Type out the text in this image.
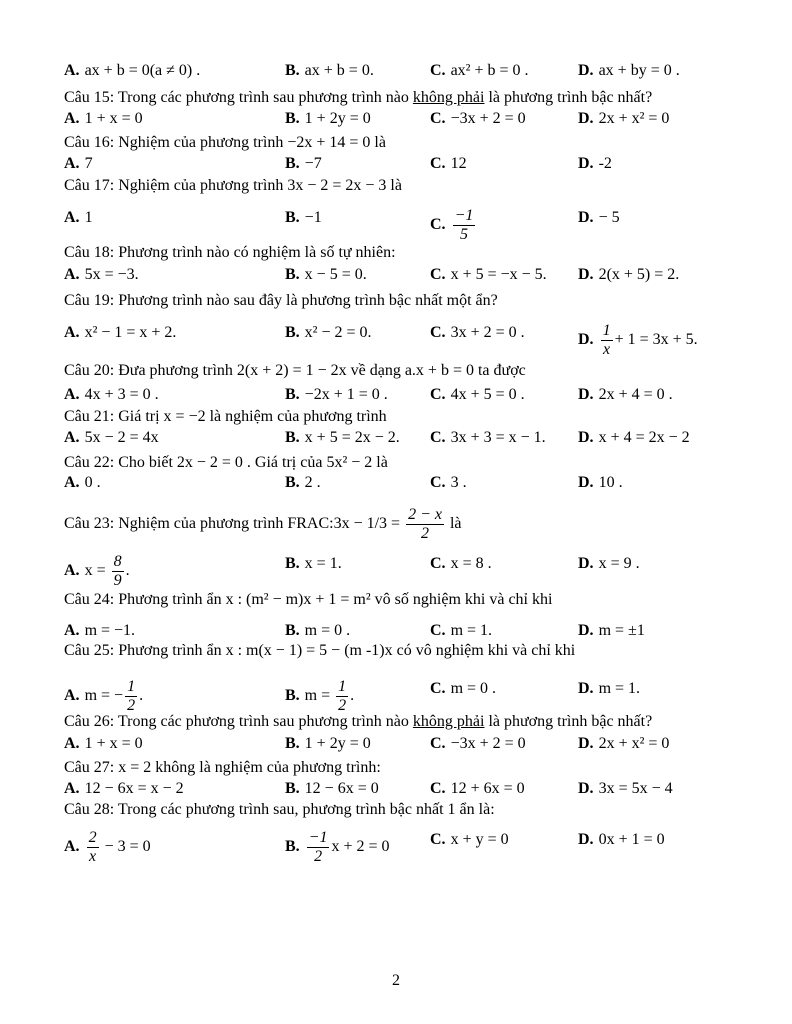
A. ax + b = 0(a ≠ 0) .	B. ax + b = 0.	C. ax² + b = 0 .	D. ax + by = 0 .
Câu 15: Trong các phương trình sau phương trình nào không phải là phương trình bậc nhất?
A. 1 + x = 0	B. 1 + 2y = 0	C. −3x + 2 = 0	D. 2x + x² = 0
Câu 16: Nghiệm của phương trình −2x + 14 = 0 là
A. 7	B. −7	C. 12	D. -2
Câu 17: Nghiệm của phương trình 3x − 2 = 2x − 3 là
A. 1	B. −1	C. $\frac{-1}{5}$	D. − 5
Câu 18: Phương trình nào có nghiệm là số tự nhiên:
A. 5x = −3.	B. x − 5 = 0.	C. x + 5 = −x − 5. D. 2(x + 5) = 2.
Câu 19: Phương trình nào sau đây là phương trình bậc nhất một ẩn?
A. x² − 1 = x + 2.	B. x² − 2 = 0.	C. 3x + 2 = 0 .	D. $\frac{1}{x} + 1 = 3x + 5$.
Câu 20: Đưa phương trình 2(x + 2) = 1 − 2x về dạng a.x + b = 0 ta được
A. 4x + 3 = 0 .	B. −2x + 1 = 0 .	C. 4x + 5 = 0 .	D. 2x + 4 = 0 .
Câu 21: Giá trị x = −2 là nghiệm của phương trình
A. 5x − 2 = 4x	B. x + 5 = 2x − 2. C. 3x + 3 = x − 1. D. x + 4 = 2x − 2
Câu 22: Cho biết 2x − 2 = 0 . Giá trị của 5x² − 2 là
A. 0 .	B. 2 .	C. 3 .	D. 10 .
Câu 23: Nghiệm của phương trình FRAC:3x − $1/3 = \frac{2 - x}{2}$ là
A. $x = \frac{8}{9}$ .	B. x = 1.	C. x = 8 .	D. x = 9 .
Câu 24: Phương trình ẩn x : (m² − m)x + 1 = m² vô số nghiệm khi và chỉ khi
A. m = −1.	B. m = 0 .	C. m = 1.	D. m = ±1
Câu 25: Phương trình ẩn x : m(x − 1) = 5 − (m -1)x có vô nghiệm khi và chỉ khi
A. m = − $\frac{1}{2}$ .	B. $m = \frac{1}{2}$ .	C. m = 0 .	D. m = 1.
Câu 26: Trong các phương trình sau phương trình nào không phải là phương trình bậc nhất?
A. 1 + x = 0	B. 1 + 2y = 0	C. −3x + 2 = 0	D. 2x + x² = 0
Câu 27: x = 2 không là nghiệm của phương trình:
A. 12 − 6x = x − 2	B. 12 − 6x = 0	C. 12 + 6x = 0	D. 3x = 5x − 4
Câu 28: Trong các phương trình sau, phương trình bậc nhất 1 ẩn là:
A. $\frac{2}{x} - 3 = 0$	B. $\frac{-1}{2}$ x + 2 = 0	C. x + y = 0	D. 0x + 1 = 0
2
